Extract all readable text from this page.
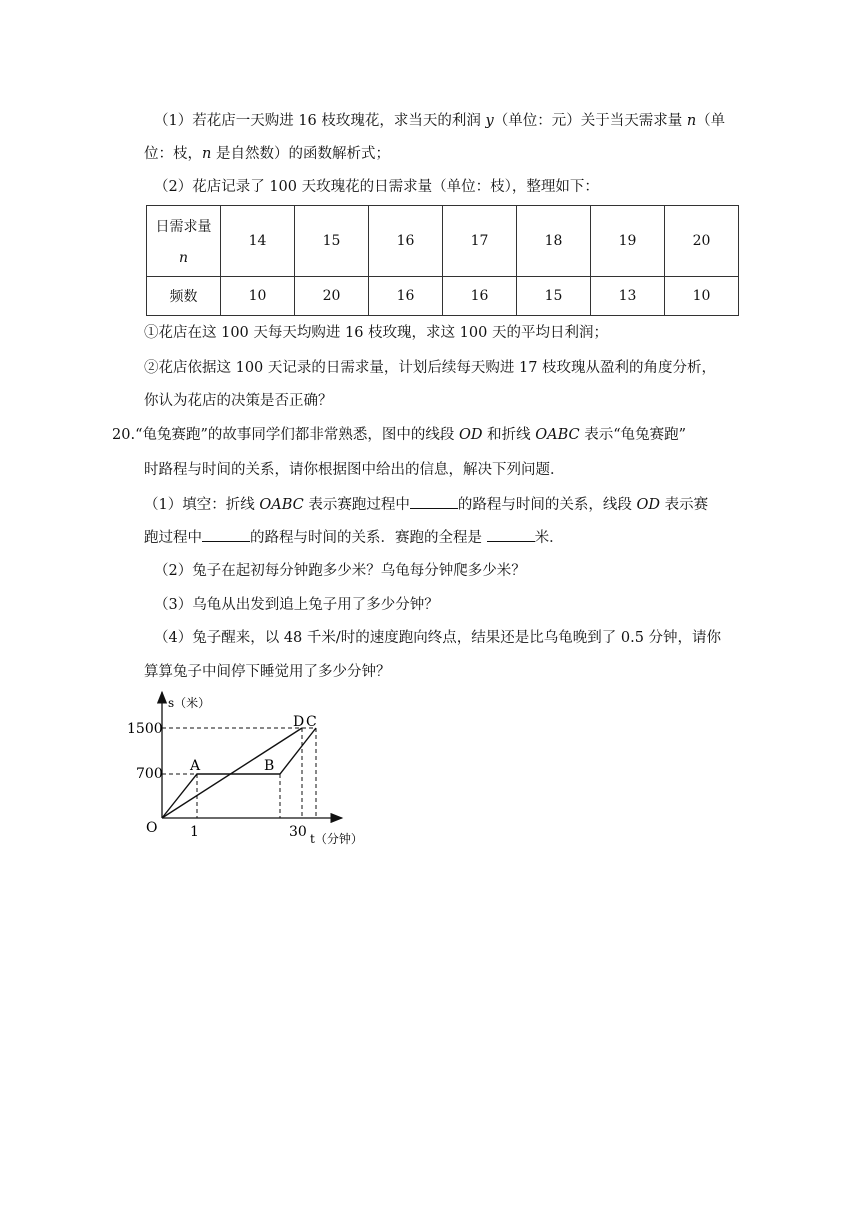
（1）若花店一天购进 16 枝玫瑰花，求当天的利润 y（单位：元）关于当天需求量 n（单
位：枝，n 是自然数）的函数解析式；
（2）花店记录了 100 天玫瑰花的日需求量（单位：枝），整理如下：
日需求量
n	14	15	16	17	18	19	20
频数	10	20	16	16	15	13	10
①花店在这 100 天每天均购进 16 枝玫瑰，求这 100 天的平均日利润；
②花店依据这 100 天记录的日需求量，计划后续每天购进 17 枝玫瑰从盈利的角度分析，
你认为花店的决策是否正确？
20.“龟兔赛跑”的故事同学们都非常熟悉，图中的线段 OD 和折线 OABC 表示“龟兔赛跑”
时路程与时间的关系，请你根据图中给出的信息，解决下列问题．
（1）填空：折线 OABC 表示赛跑过程中	的路程与时间的关系，线段 OD 表示赛
跑过程中	的路程与时间的关系．赛跑的全程是	米．
（2）兔子在起初每分钟跑多少米？乌龟每分钟爬多少米？
（3）乌龟从出发到追上兔子用了多少分钟？
（4）兔子醒来，以 48 千米/时的速度跑向终点，结果还是比乌龟晚到了 0.5 分钟，请你
算算兔子中间停下睡觉用了多少分钟？
s（米）
t（分钟）
O
1500
700
1	30
A	B
D C
